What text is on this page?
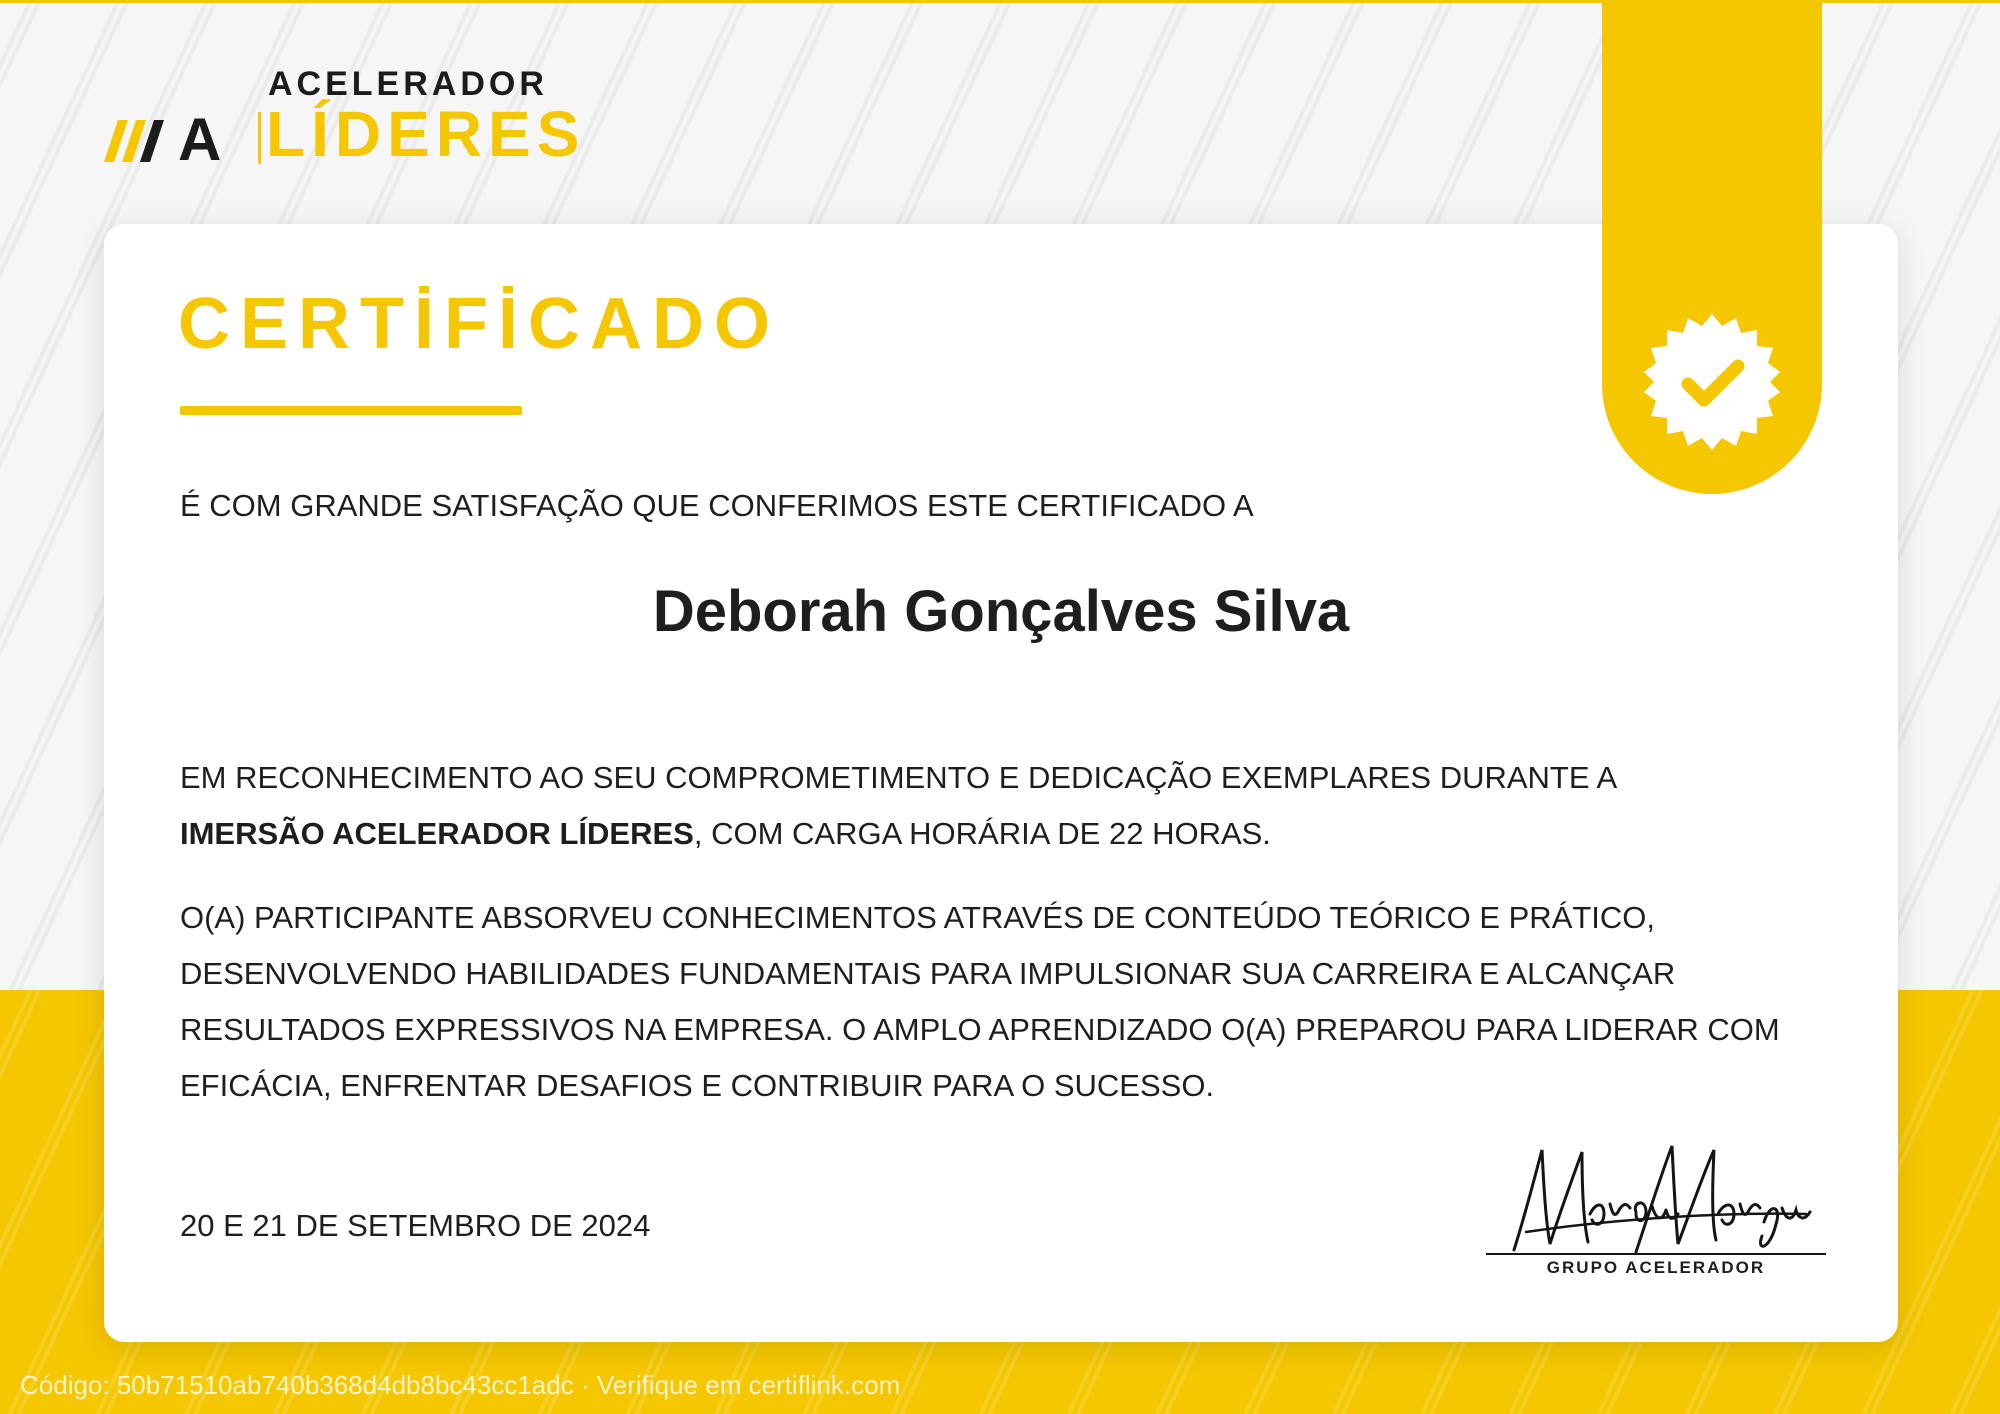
A
ACELERADOR
LÍDERES
CERTİFİCADO
É COM GRANDE SATISFAÇÃO QUE CONFERIMOS ESTE CERTIFICADO A
Deborah Gonçalves Silva
EM RECONHECIMENTO AO SEU COMPROMETIMENTO E DEDICAÇÃO EXEMPLARES DURANTE A
IMERSÃO ACELERADOR LÍDERES, COM CARGA HORÁRIA DE 22 HORAS.
O(A) PARTICIPANTE ABSORVEU CONHECIMENTOS ATRAVÉS DE CONTEÚDO TEÓRICO E PRÁTICO, DESENVOLVENDO HABILIDADES FUNDAMENTAIS PARA IMPULSIONAR SUA CARREIRA E ALCANÇAR RESULTADOS EXPRESSIVOS NA EMPRESA. O AMPLO APRENDIZADO O(A) PREPAROU PARA LIDERAR COM EFICÁCIA, ENFRENTAR DESAFIOS E CONTRIBUIR PARA O SUCESSO.
20 E 21 DE SETEMBRO DE 2024
GRUPO ACELERADOR
Código: 50b71510ab740b368d4db8bc43cc1adc · Verifique em certiflink.com
